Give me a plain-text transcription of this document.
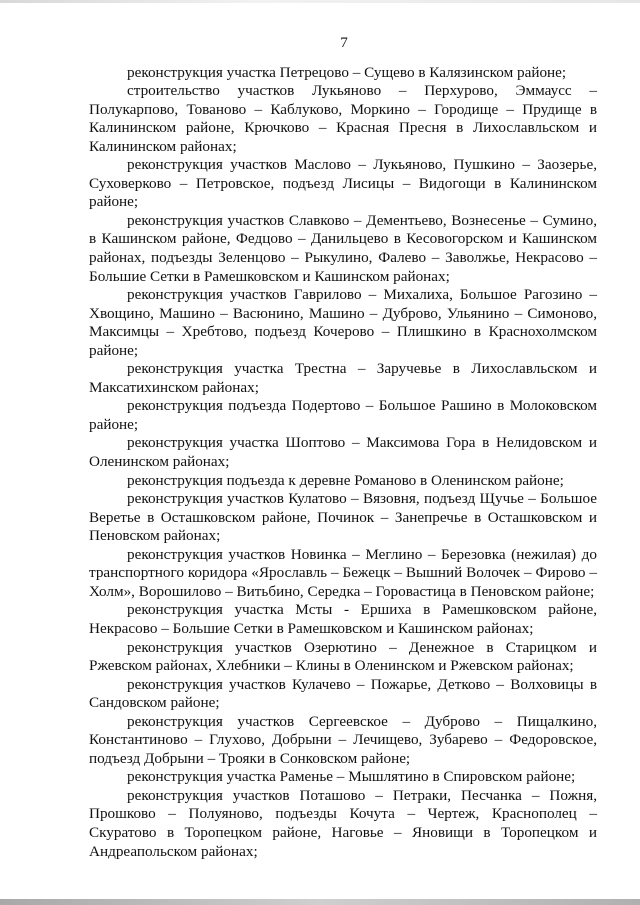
7

реконструкция участка Петрецово – Сущево в Калязинском районе;

строительство участков Лукьяново – Перхурово, Эммаусс – Полукарпово, Тованово – Каблуково, Моркино – Городище – Прудище в Калининском районе, Крючково – Красная Пресня в Лихославльском и Калининском районах;

реконструкция участков Маслово – Лукьяново, Пушкино – Заозерье, Суховерково – Петровское, подъезд Лисицы – Видогощи в Калининском районе;

реконструкция участков Славково – Дементьево, Вознесенье – Сумино, в Кашинском районе, Федцово – Данильцево в Кесовогорском и Кашинском районах, подъезды Зеленцово – Рыкулино, Фалево – Заволжье, Некрасово – Большие Сетки в Рамешковском и Кашинском районах;

реконструкция участков Гаврилово – Михалиха, Большое Рагозино – Хвощино, Машино – Васюнино, Машино – Дуброво, Ульянино – Симоново, Максимцы – Хребтово, подъезд Кочерово – Плишкино в Краснохолмском районе;

реконструкция участка Трестна – Заручевье в Лихославльском и Максатихинском районах;

реконструкция подъезда Подертово – Большое Рашино в Молоковском районе;

реконструкция участка Шоптово – Максимова Гора в Нелидовском и Оленинском районах;

реконструкция подъезда к деревне Романово в Оленинском районе;

реконструкция участков Кулатово – Вязовня, подъезд Щучье – Большое Веретье в Осташковском районе, Починок – Занепречье в Осташковском и Пеновском районах;

реконструкция участков Новинка – Меглино – Березовка (нежилая) до транспортного коридора «Ярославль – Бежецк – Вышний Волочек – Фирово – Холм», Ворошилово – Витьбино, Середка – Горовастица в Пеновском районе;

реконструкция участка Мсты - Ершиха в Рамешковском районе, Некрасово – Большие Сетки в Рамешковском и Кашинском районах;

реконструкция участков Озерютино – Денежное в Старицком и Ржевском районах, Хлебники – Клины в Оленинском и Ржевском районах;

реконструкция участков Кулачево – Пожарье, Детково – Волховицы в Сандовском районе;

реконструкция участков Сергеевское – Дуброво – Пищалкино, Константиново – Глухово, Добрыни – Лечищево, Зубарево – Федоровское, подъезд Добрыни – Трояки в Сонковском районе;

реконструкция участка Раменье – Мышлятино в Спировском районе;

реконструкция участков Поташово – Петраки, Песчанка – Пожня, Прошково – Полуяново, подъезды Кочута – Чертеж, Краснополец – Скуратово в Торопецком районе, Наговье – Яновищи в Торопецком и Андреапольском районах;
